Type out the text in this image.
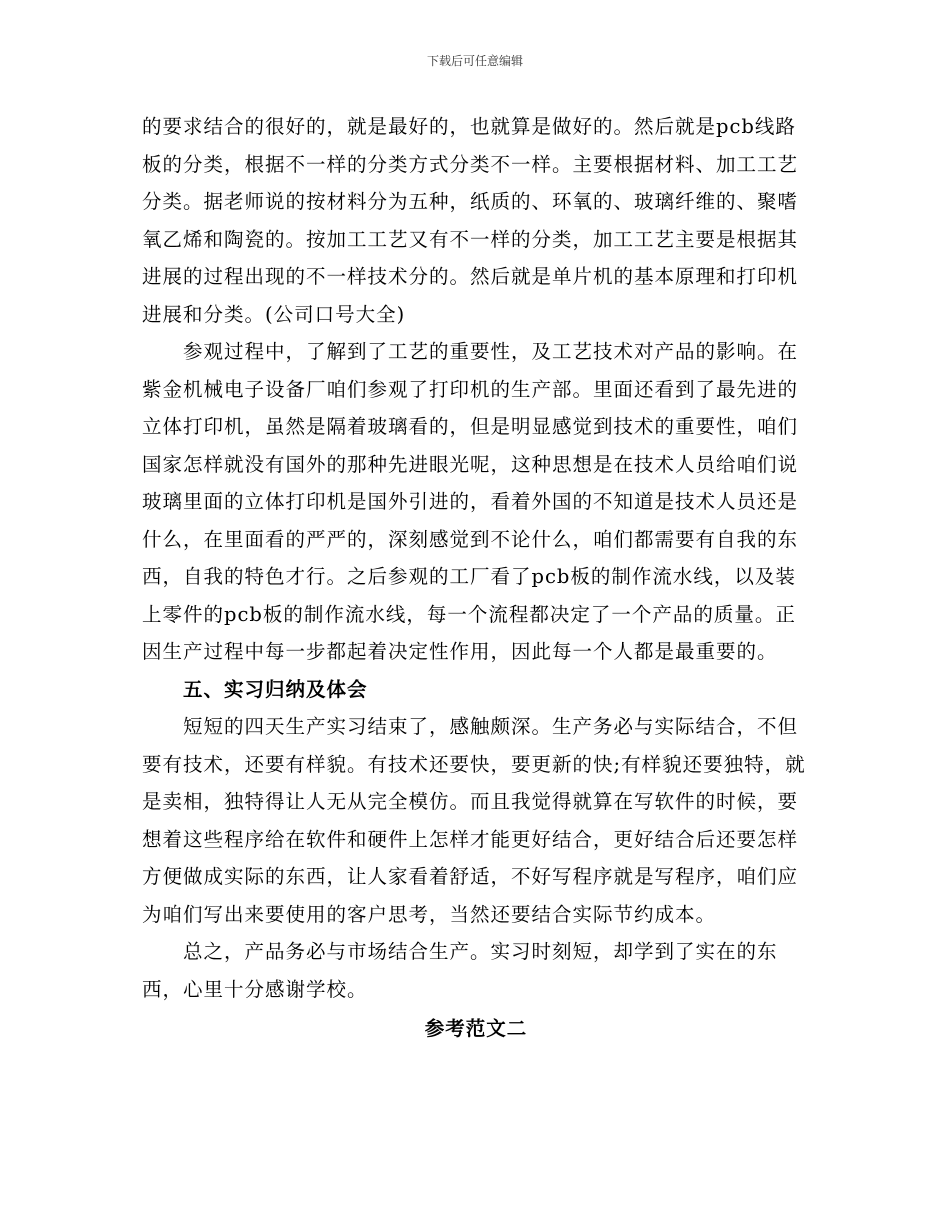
下载后可任意编辑

的要求结合的很好的，就是最好的，也就算是做好的。然后就是pcb线路板的分类，根据不一样的分类方式分类不一样。主要根据材料、加工工艺分类。据老师说的按材料分为五种，纸质的、环氧的、玻璃纤维的、聚嗜氧乙烯和陶瓷的。按加工工艺又有不一样的分类，加工工艺主要是根据其进展的过程出现的不一样技术分的。然后就是单片机的基本原理和打印机进展和分类。(公司口号大全)

参观过程中，了解到了工艺的重要性，及工艺技术对产品的影响。在紫金机械电子设备厂咱们参观了打印机的生产部。里面还看到了最先进的立体打印机，虽然是隔着玻璃看的，但是明显感觉到技术的重要性，咱们国家怎样就没有国外的那种先进眼光呢，这种思想是在技术人员给咱们说玻璃里面的立体打印机是国外引进的，看着外国的不知道是技术人员还是什么，在里面看的严严的，深刻感觉到不论什么，咱们都需要有自我的东西，自我的特色才行。之后参观的工厂看了pcb板的制作流水线，以及装上零件的pcb板的制作流水线，每一个流程都决定了一个产品的质量。正因生产过程中每一步都起着决定性作用，因此每一个人都是最重要的。

五、实习归纳及体会

短短的四天生产实习结束了，感触颇深。生产务必与实际结合，不但要有技术，还要有样貌。有技术还要快，要更新的快;有样貌还要独特，就是卖相，独特得让人无从完全模仿。而且我觉得就算在写软件的时候，要想着这些程序给在软件和硬件上怎样才能更好结合，更好结合后还要怎样方便做成实际的东西，让人家看着舒适，不好写程序就是写程序，咱们应为咱们写出来要使用的客户思考，当然还要结合实际节约成本。

总之，产品务必与市场结合生产。实习时刻短，却学到了实在的东西，心里十分感谢学校。

参考范文二
